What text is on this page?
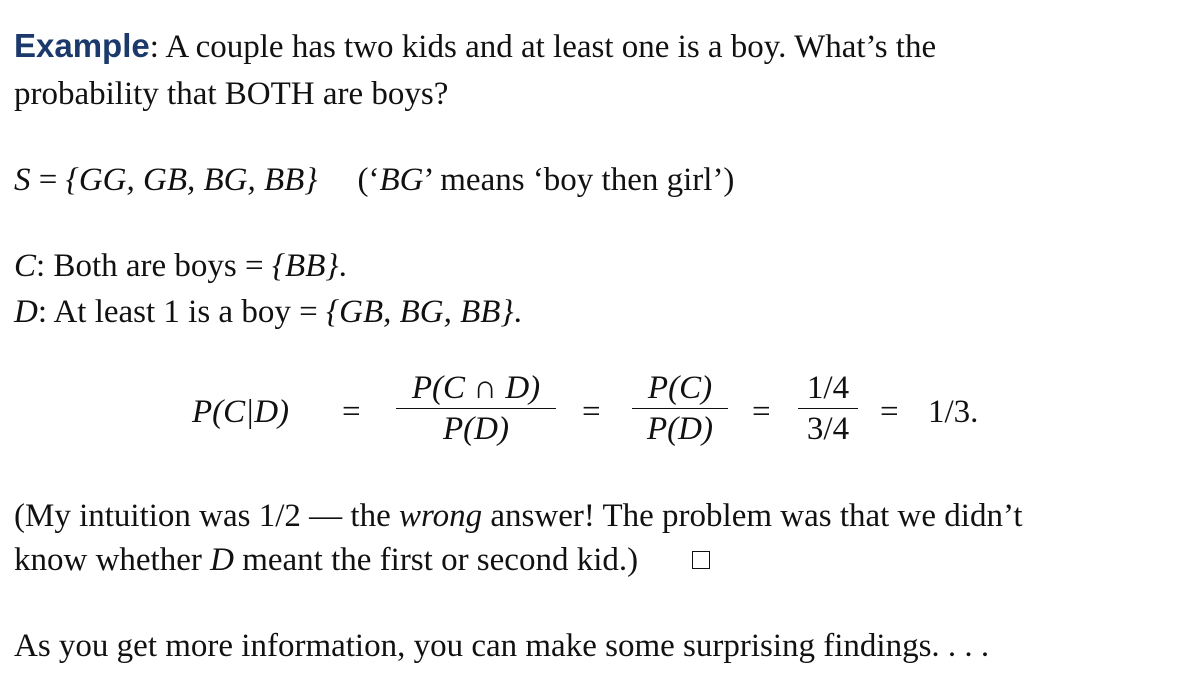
Example: A couple has two kids and at least one is a boy. What’s the
probability that BOTH are boys?
S = {GG, GB, BG, BB} (‘BG’ means ‘boy then girl’)
C: Both are boys = {BB}.
D: At least 1 is a boy = {GB, BG, BB}.
P(C|D) =
P(C ∩ D)
P(D) =
P(C)
P(D) =
1/4
3/4 = 1/3.
(My intuition was 1/2 — the wrong answer! The problem was that we didn’t
know whether D meant the first or second kid.)
As you get more information, you can make some surprising findings. . . .
